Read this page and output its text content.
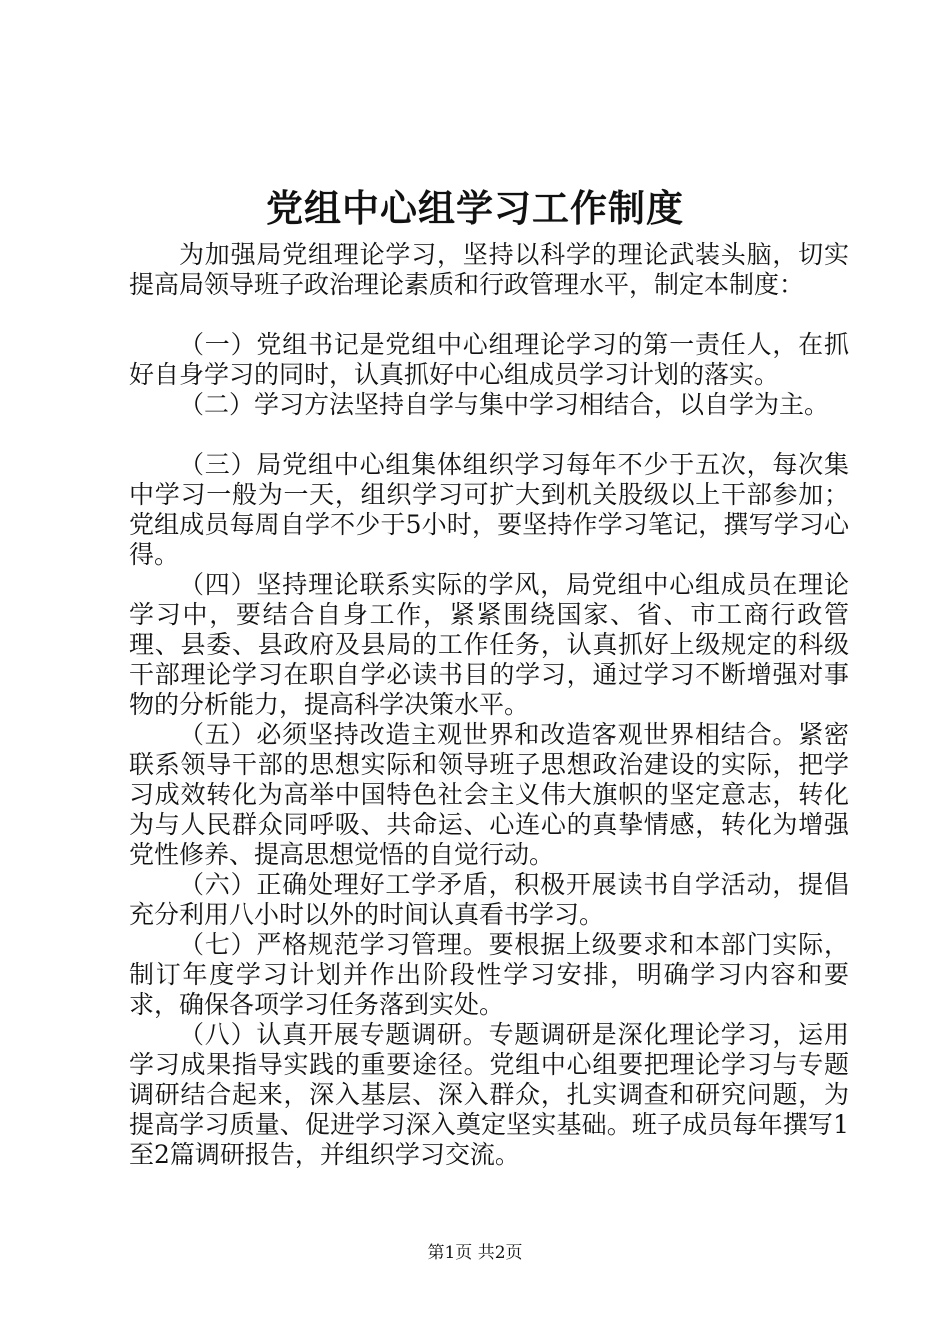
党组中心组学习工作制度

为加强局党组理论学习，坚持以科学的理论武装头脑，切实提高局领导班子政治理论素质和行政管理水平，制定本制度：

（一）党组书记是党组中心组理论学习的第一责任人，在抓好自身学习的同时，认真抓好中心组成员学习计划的落实。

（二）学习方法坚持自学与集中学习相结合，以自学为主。

（三）局党组中心组集体组织学习每年不少于五次，每次集中学习一般为一天，组织学习可扩大到机关股级以上干部参加；党组成员每周自学不少于5小时，要坚持作学习笔记，撰写学习心得。

（四）坚持理论联系实际的学风，局党组中心组成员在理论学习中，要结合自身工作，紧紧围绕国家、省、市工商行政管理、县委、县政府及县局的工作任务，认真抓好上级规定的科级干部理论学习在职自学必读书目的学习，通过学习不断增强对事物的分析能力，提高科学决策水平。

（五）必须坚持改造主观世界和改造客观世界相结合。紧密联系领导干部的思想实际和领导班子思想政治建设的实际，把学习成效转化为高举中国特色社会主义伟大旗帜的坚定意志，转化为与人民群众同呼吸、共命运、心连心的真挚情感，转化为增强党性修养、提高思想觉悟的自觉行动。

（六）正确处理好工学矛盾，积极开展读书自学活动，提倡充分利用八小时以外的时间认真看书学习。

（七）严格规范学习管理。要根据上级要求和本部门实际，制订年度学习计划并作出阶段性学习安排，明确学习内容和要求，确保各项学习任务落到实处。

（八）认真开展专题调研。专题调研是深化理论学习，运用学习成果指导实践的重要途径。党组中心组要把理论学习与专题调研结合起来，深入基层、深入群众，扎实调查和研究问题，为提高学习质量、促进学习深入奠定坚实基础。班子成员每年撰写1至2篇调研报告，并组织学习交流。

第1页 共2页
